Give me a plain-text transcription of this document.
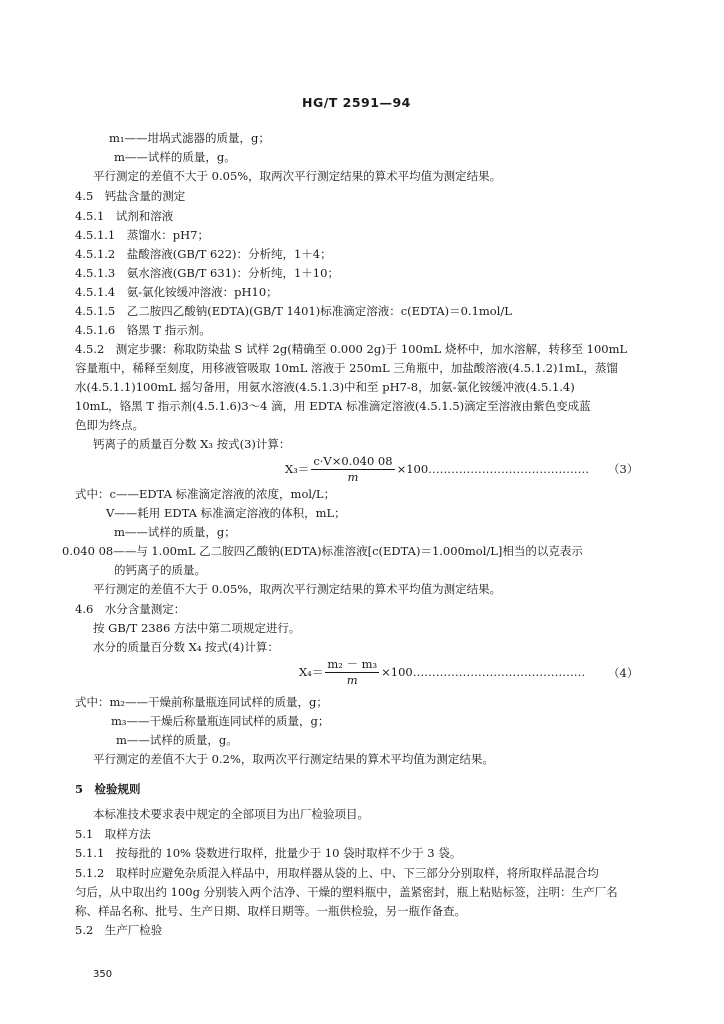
HG/T 2591—94
m₁——坩埚式滤器的质量，g；
m——试样的质量，g。
平行测定的差值不大于 0.05%，取两次平行测定结果的算术平均值为测定结果。
4.5　钙盐含量的测定
4.5.1　试剂和溶液
4.5.1.1　蒸馏水：pH7；
4.5.1.2　盐酸溶液(GB/T 622)：分析纯，1＋4；
4.5.1.3　氨水溶液(GB/T 631)：分析纯，1＋10；
4.5.1.4　氨-氯化铵缓冲溶液：pH10；
4.5.1.5　乙二胺四乙酸钠(EDTA)(GB/T 1401)标准滴定溶液：c(EDTA)＝0.1mol/L
4.5.1.6　铬黑 T 指示剂。
4.5.2　测定步骤：称取防染盐 S 试样 2g(精确至 0.000 2g)于 100mL 烧杯中，加水溶解，转移至 100mL
容量瓶中，稀释至刻度，用移液管吸取 10mL 溶液于 250mL 三角瓶中，加盐酸溶液(4.5.1.2)1mL，蒸馏
水(4.5.1.1)100mL 摇匀备用，用氨水溶液(4.5.1.3)中和至 pH7-8，加氨-氯化铵缓冲液(4.5.1.4)
10mL，铬黑 T 指示剂(4.5.1.6)3～4 滴，用 EDTA 标准滴定溶液(4.5.1.5)滴定至溶液由紫色变成蓝
色即为终点。
钙离子的质量百分数 X₃ 按式(3)计算：
$X_3= \frac{c\cdot V\times 0.040 08}{m} \times 100$ …………………………………… （3）
式中：c——EDTA 标准滴定溶液的浓度，mol/L；
V——耗用 EDTA 标准滴定溶液的体积，mL；
m——试样的质量，g；
0.040 08——与 1.00mL 乙二胺四乙酸钠(EDTA)标准溶液[c(EDTA)＝1.000mol/L]相当的以克表示
的钙离子的质量。
平行测定的差值不大于 0.05%，取两次平行测定结果的算术平均值为测定结果。
4.6　水分含量测定：
按 GB/T 2386 方法中第二项规定进行。
水分的质量百分数 X₄ 按式(4)计算：
$X_4= \frac{\text{m₂ － m₃}}{m} \times 100$ ……………………………………… （4）
式中：m₂——干燥前称量瓶连同试样的质量，g；
m₃——干燥后称量瓶连同试样的质量，g；
m——试样的质量，g。
平行测定的差值不大于 0.2%，取两次平行测定结果的算术平均值为测定结果。
5　检验规则
本标准技术要求表中规定的全部项目为出厂检验项目。
5.1　取样方法
5.1.1　按每批的 10% 袋数进行取样，批量少于 10 袋时取样不少于 3 袋。
5.1.2　取样时应避免杂质混入样品中，用取样器从袋的上、中、下三部分分别取样，将所取样品混合均
匀后，从中取出约 100g 分别装入两个洁净、干燥的塑料瓶中，盖紧密封，瓶上粘贴标签，注明：生产厂名
称、样品名称、批号、生产日期、取样日期等。一瓶供检验，另一瓶作备查。
5.2　生产厂检验
350
